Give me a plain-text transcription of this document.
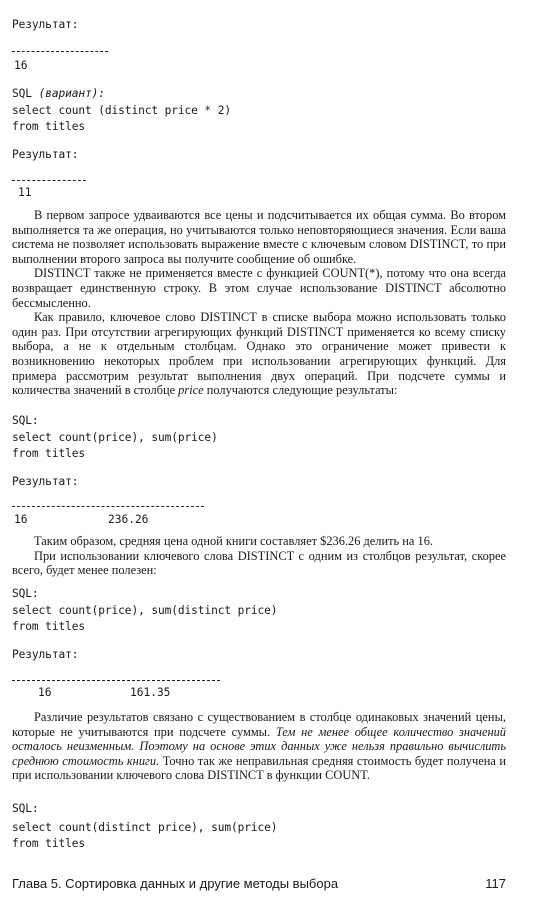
Результат:
16
SQL (вариант):
select count (distinct price * 2)
from titles
Результат:
11

В первом запросе удваиваются все цены и подсчитывается их общая сумма. Во втором выполняется та же операция, но учитываются только неповторяющиеся значения. Если ваша система не позволяет использовать выражение вместе с ключевым словом DISTINCT, то при выполнении второго запроса вы получите сообщение об ошибке.

DISTINCT также не применяется вместе с функцией COUNT(*), потому что она всегда возвращает единственную строку. В этом случае использование DISTINCT абсолютно бессмысленно.

Как правило, ключевое слово DISTINCT в списке выбора можно использовать только один раз. При отсутствии агрегирующих функций DISTINCT применяется ко всему списку выбора, а не к отдельным столбцам. Однако это ограничение может привести к возникновению некоторых проблем при использовании агрегирующих функций. Для примера рассмотрим результат выполнения двух операций. При подсчете суммы и количества значений в столбце price получаются следующие результаты:

SQL:
select count(price), sum(price)
from titles
Результат:
16	236.26

Таким образом, средняя цена одной книги составляет $236.26 делить на 16.

При использовании ключевого слова DISTINCT с одним из столбцов результат, скорее всего, будет менее полезен:

SQL:
select count(price), sum(distinct price)
from titles
Результат:
16	161.35

Различие результатов связано с существованием в столбце одинаковых значений цены, которые не учитываются при подсчете суммы. Тем не менее общее количество значений осталось неизменным. Поэтому на основе этих данных уже нельзя правильно вычислить среднюю стоимость книги. Точно так же неправильная средняя стоимость будет получена и при использовании ключевого слова DISTINCT в функции COUNT.

SQL:
select count(distinct price), sum(price)
from titles
Глава 5. Сортировка данных и другие методы выбора	117
